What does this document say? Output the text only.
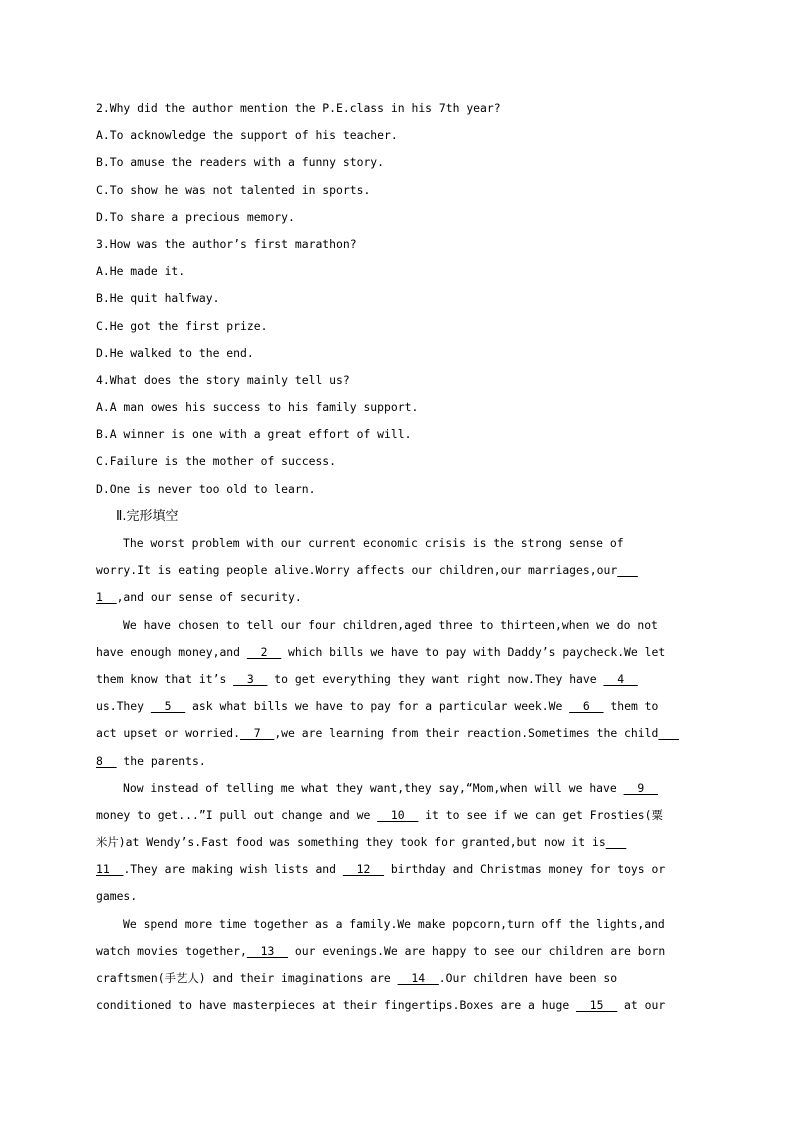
2.Why did the author mention the P.E.class in his 7th year?
A.To acknowledge the support of his teacher.
B.To amuse the readers with a funny story.
C.To show he was not talented in sports.
D.To share a precious memory.
3.How was the author’s first marathon?
A.He made it.
B.He quit halfway.
C.He got the first prize.
D.He walked to the end.
4.What does the story mainly tell us?
A.A man owes his success to his family support.
B.A winner is one with a great effort of will.
C.Failure is the mother of success.
D.One is never too old to learn.
Ⅱ.完形填空
The worst problem with our current economic crisis is the strong sense of
worry.It is eating people alive.Worry affects our children,our marriages,our __
1__,and our sense of security.
We have chosen to tell our four children,aged three to thirteen,when we do not
have enough money,and __2__ which bills we have to pay with Daddy’s paycheck.We let
them know that it’s __3__ to get everything they want right now.They have __4__
us.They __5__ ask what bills we have to pay for a particular week.We __6__ them to
act upset or worried.__7__,we are learning from their reaction.Sometimes the child __
8__ the parents.
Now instead of telling me what they want,they say,“Mom,when will we have __9__
money to get...”I pull out change and we __10__ it to see if we can get Frosties(粟
米片)at Wendy’s.Fast food was something they took for granted,but now it is __
11__.They are making wish lists and __12__ birthday and Christmas money for toys or
games.
We spend more time together as a family.We make popcorn,turn off the lights,and
watch movies together,__13__ our evenings.We are happy to see our children are born
craftsmen(手艺人) and their imaginations are __14__.Our children have been so
conditioned to have masterpieces at their fingertips.Boxes are a huge __15__ at our
